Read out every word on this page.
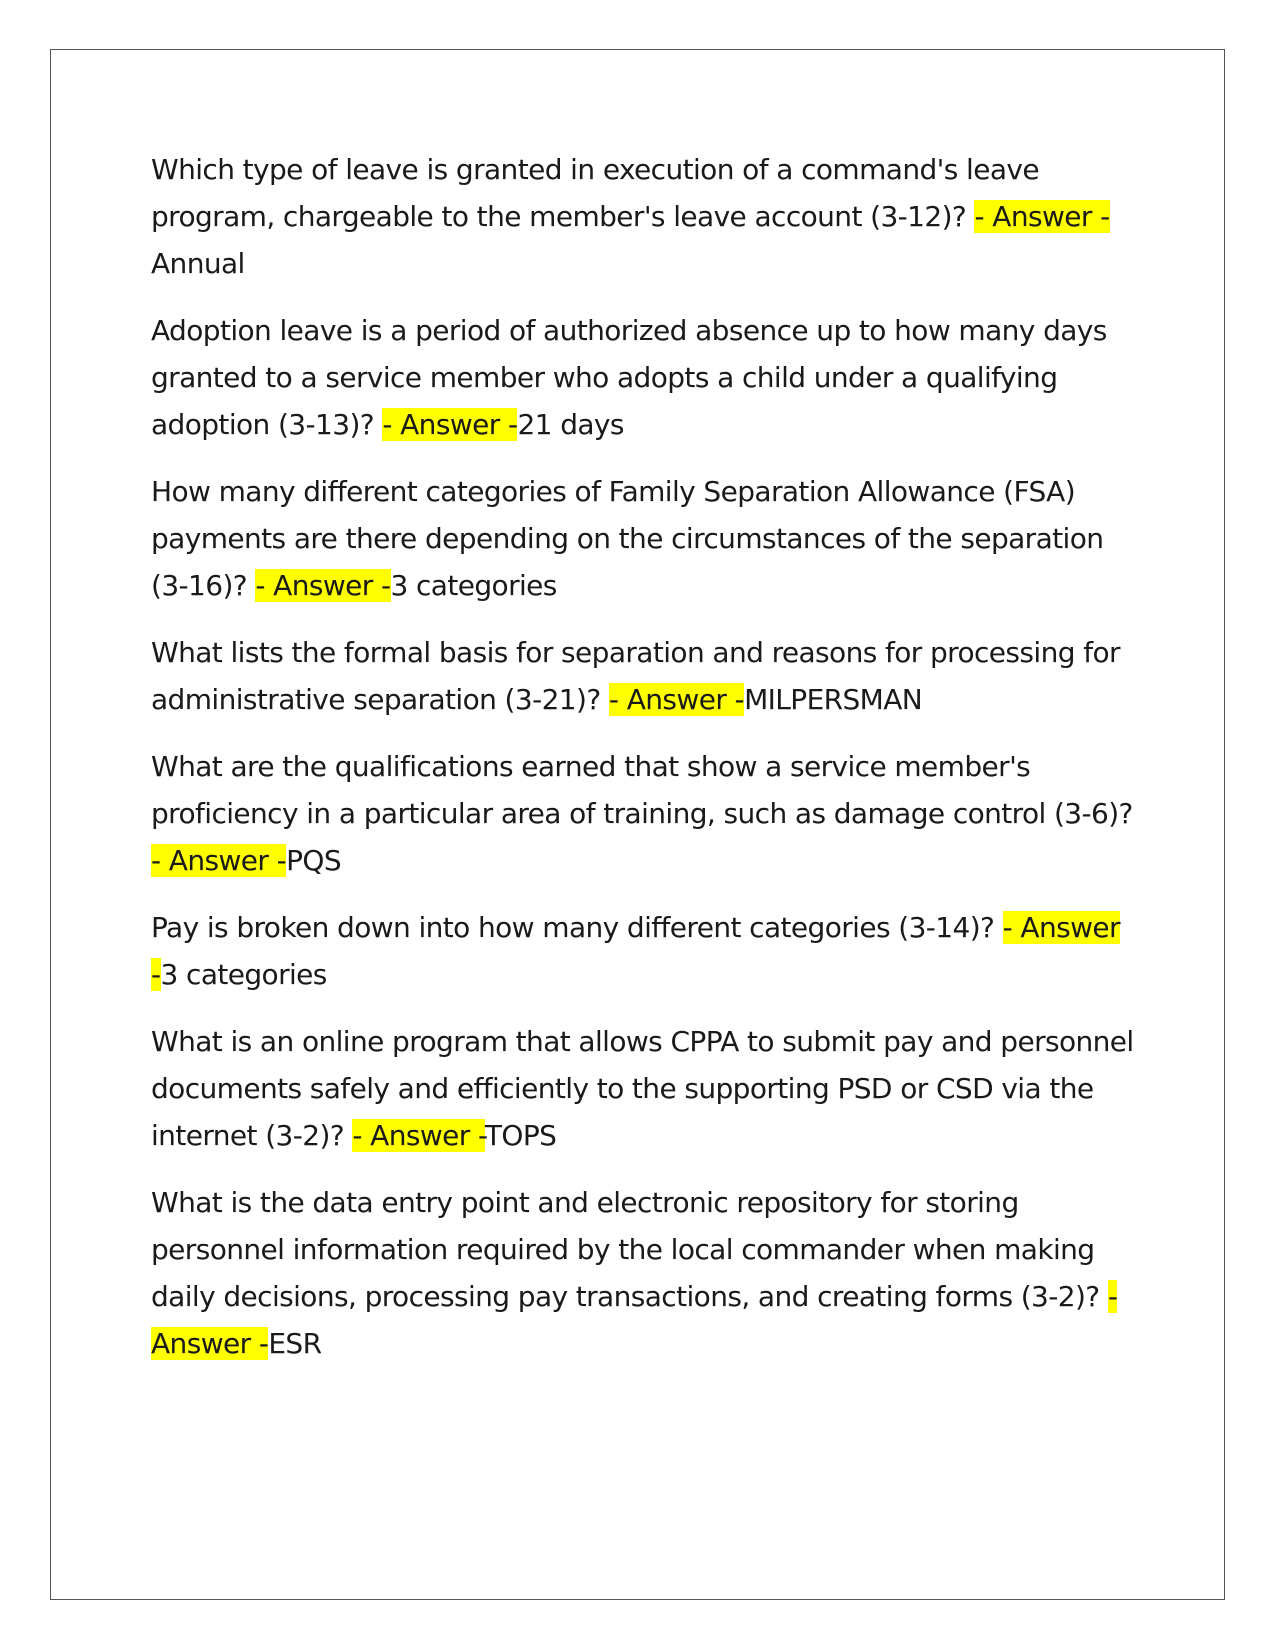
Which type of leave is granted in execution of a command's leave program, chargeable to the member's leave account (3-12)? - Answer -
Annual

Adoption leave is a period of authorized absence up to how many days granted to a service member who adopts a child under a qualifying adoption (3-13)? - Answer -21 days

How many different categories of Family Separation Allowance (FSA) payments are there depending on the circumstances of the separation (3-16)? - Answer -3 categories

What lists the formal basis for separation and reasons for processing for administrative separation (3-21)? - Answer -MILPERSMAN

What are the qualifications earned that show a service member's proficiency in a particular area of training, such as damage control (3-6)? - Answer -PQS

Pay is broken down into how many different categories (3-14)? - Answer -3 categories

What is an online program that allows CPPA to submit pay and personnel documents safely and efficiently to the supporting PSD or CSD via the internet (3-2)? - Answer -TOPS

What is the data entry point and electronic repository for storing personnel information required by the local commander when making daily decisions, processing pay transactions, and creating forms (3-2)? - Answer -ESR
